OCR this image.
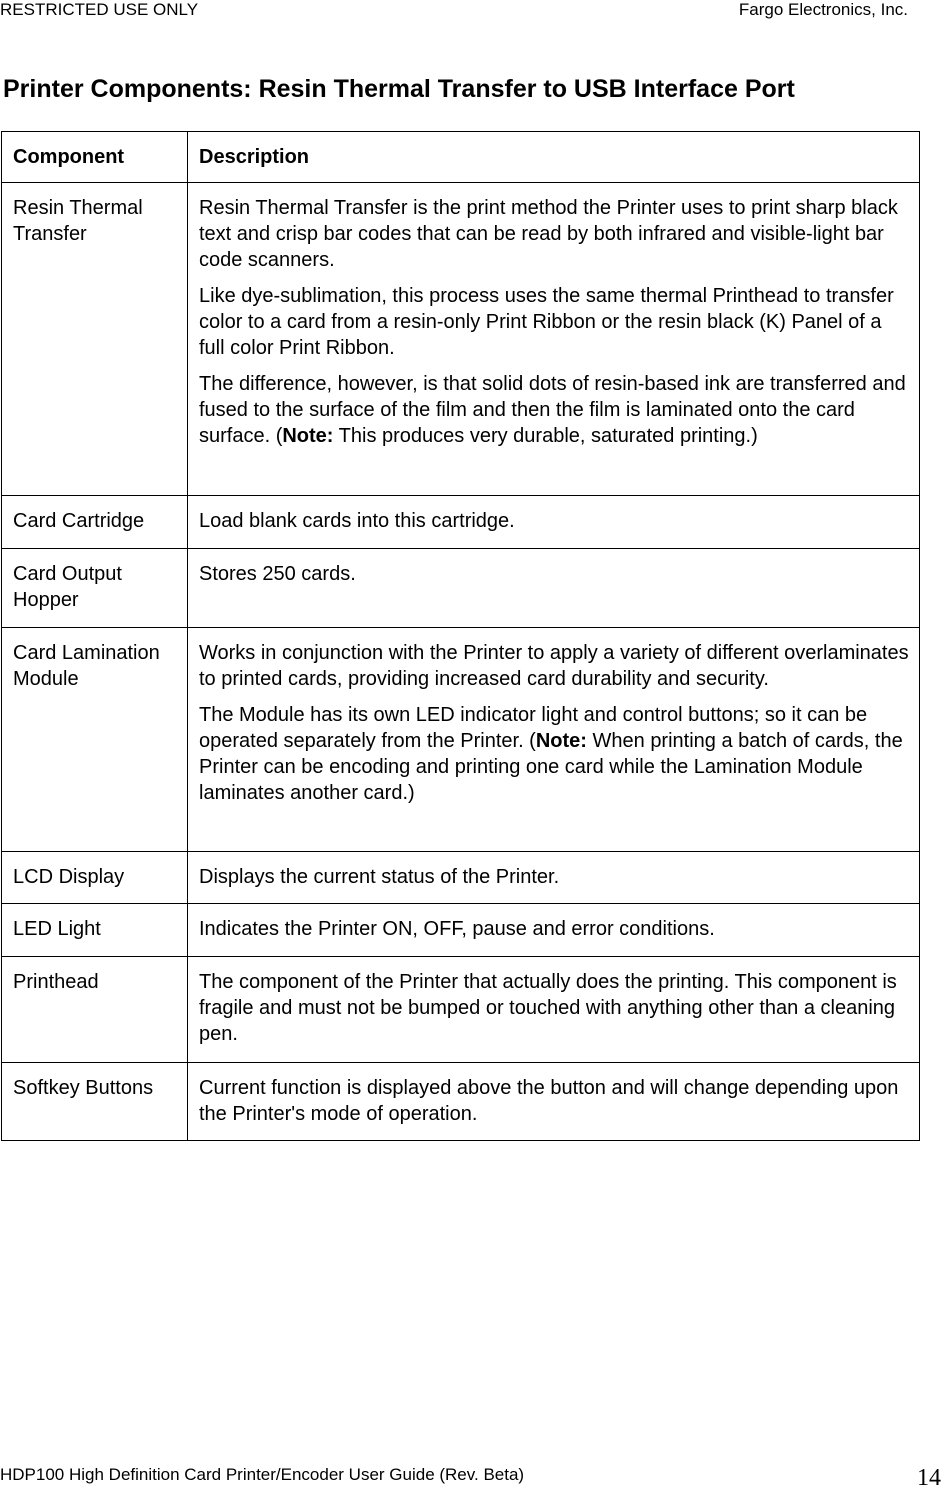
RESTRICTED USE ONLY	Fargo Electronics, Inc.
Printer Components: Resin Thermal Transfer to USB Interface Port
Component	Description
Resin Thermal Transfer	Resin Thermal Transfer is the print method the Printer uses to print sharp black text and crisp bar codes that can be read by both infrared and visible-light bar code scanners.

Like dye-sublimation, this process uses the same thermal Printhead to transfer color to a card from a resin-only Print Ribbon or the resin black (K) Panel of a full color Print Ribbon.

The difference, however, is that solid dots of resin-based ink are transferred and fused to the surface of the film and then the film is laminated onto the card surface. (Note: This produces very durable, saturated printing.)

Card Cartridge	Load blank cards into this cartridge.
Card Output Hopper	Stores 250 cards.
Card Lamination Module	Works in conjunction with the Printer to apply a variety of different overlaminates to printed cards, providing increased card durability and security.

The Module has its own LED indicator light and control buttons; so it can be operated separately from the Printer. (Note: When printing a batch of cards, the Printer can be encoding and printing one card while the Lamination Module laminates another card.)

LCD Display	Displays the current status of the Printer.
LED Light	Indicates the Printer ON, OFF, pause and error conditions.
Printhead	The component of the Printer that actually does the printing. This component is fragile and must not be bumped or touched with anything other than a cleaning pen.
Softkey Buttons	Current function is displayed above the button and will change depending upon the Printer's mode of operation.
HDP100 High Definition Card Printer/Encoder User Guide (Rev. Beta)	14
